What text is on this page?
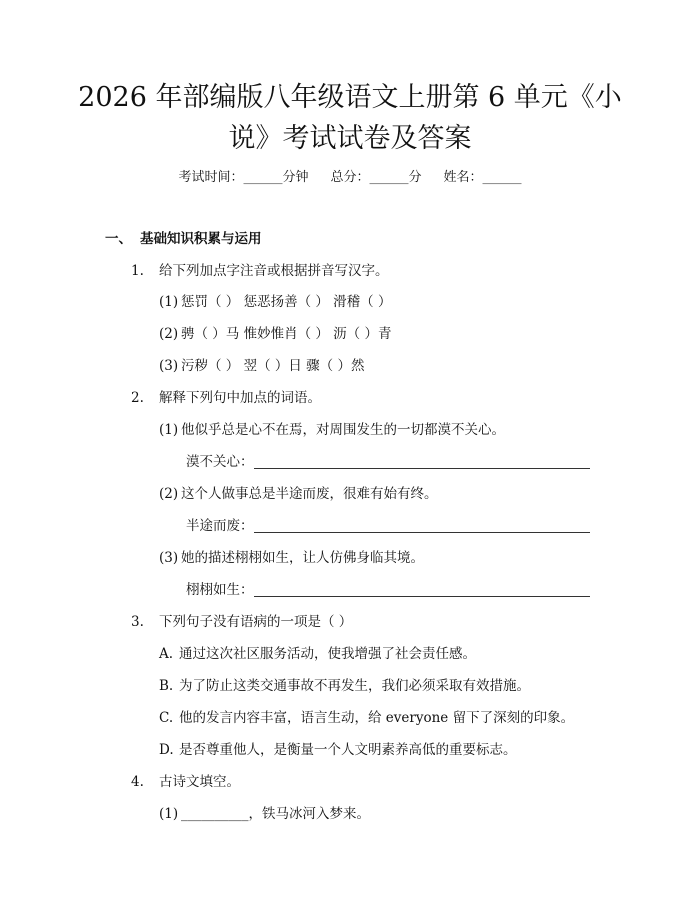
2026 年部编版八年级语文上册第 6 单元《小
说》考试试卷及答案
考试时间：______分钟 总分：______分 姓名：______
一、 基础知识积累与运用
1. 给下列加点字注音或根据拼音写汉字。
(1) 惩罚（ ） 惩恶扬善（ ） 滑稽（ ）
(2) 骋（ ）马 惟妙惟肖（ ） 沥（ ）青
(3) 污秽（ ） 翌（ ）日 骤（ ）然
2. 解释下列句中加点的词语。
(1) 他似乎总是心不在焉，对周围发生的一切都漠不关心。
漠不关心：
(2) 这个人做事总是半途而废，很难有始有终。
半途而废：
(3) 她的描述栩栩如生，让人仿佛身临其境。
栩栩如生：
3. 下列句子没有语病的一项是（ ）
A. 通过这次社区服务活动，使我增强了社会责任感。
B. 为了防止这类交通事故不再发生，我们必须采取有效措施。
C. 他的发言内容丰富，语言生动，给 everyone 留下了深刻的印象。
D. 是否尊重他人，是衡量一个人文明素养高低的重要标志。
4. 古诗文填空。
(1) __________，铁马冰河入梦来。
